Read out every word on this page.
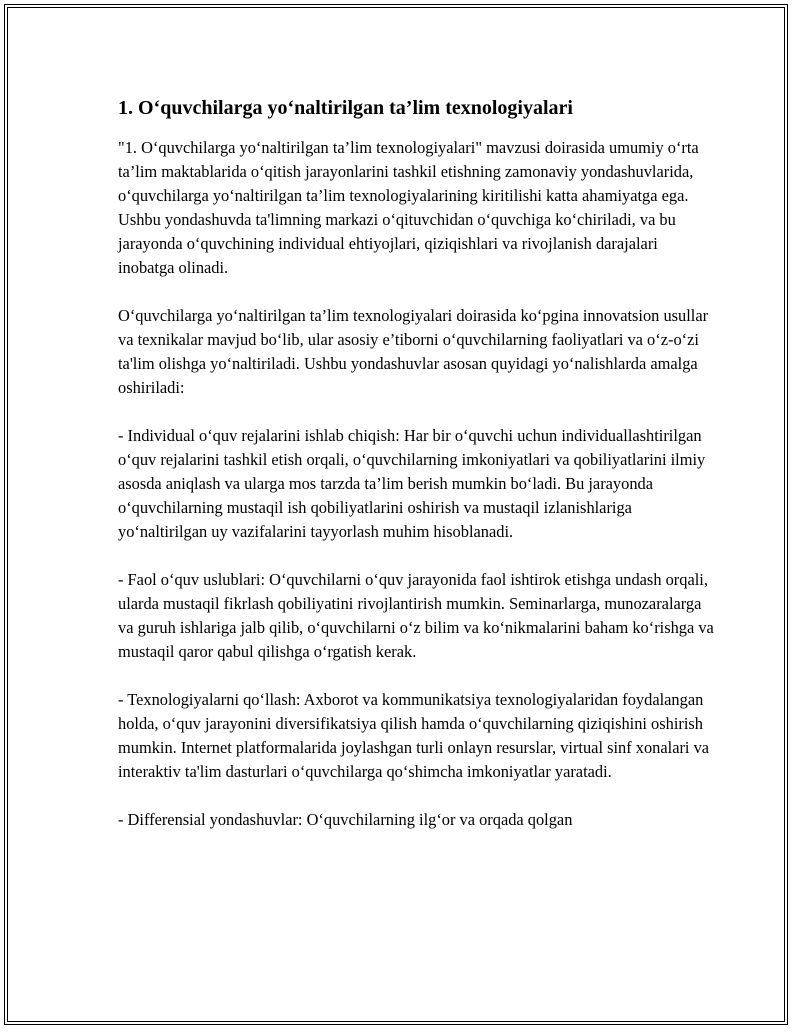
1. O‘quvchilarga yo‘naltirilgan ta’lim texnologiyalari

"1. O‘quvchilarga yo‘naltirilgan ta’lim texnologiyalari" mavzusi doirasida umumiy o‘rta ta’lim maktablarida o‘qitish jarayonlarini tashkil etishning zamonaviy yondashuvlarida, o‘quvchilarga yo‘naltirilgan ta’lim texnologiyalarining kiritilishi katta ahamiyatga ega. Ushbu yondashuvda ta'limning markazi o‘qituvchidan o‘quvchiga ko‘chiriladi, va bu jarayonda o‘quvchining individual ehtiyojlari, qiziqishlari va rivojlanish darajalari inobatga olinadi.

O‘quvchilarga yo‘naltirilgan ta’lim texnologiyalari doirasida ko‘pgina innovatsion usullar va texnikalar mavjud bo‘lib, ular asosiy e’tiborni o‘quvchilarning faoliyatlari va o‘z-o‘zi ta'lim olishga yo‘naltiriladi. Ushbu yondashuvlar asosan quyidagi yo‘nalishlarda amalga oshiriladi:

- Individual o‘quv rejalarini ishlab chiqish: Har bir o‘quvchi uchun individuallashtirilgan o‘quv rejalarini tashkil etish orqali, o‘quvchilarning imkoniyatlari va qobiliyatlarini ilmiy asosda aniqlash va ularga mos tarzda ta’lim berish mumkin bo‘ladi. Bu jarayonda o‘quvchilarning mustaqil ish qobiliyatlarini oshirish va mustaqil izlanishlariga yo‘naltirilgan uy vazifalarini tayyorlash muhim hisoblanadi.

- Faol o‘quv uslublari: O‘quvchilarni o‘quv jarayonida faol ishtirok etishga undash orqali, ularda mustaqil fikrlash qobiliyatini rivojlantirish mumkin. Seminarlarga, munozaralarga va guruh ishlariga jalb qilib, o‘quvchilarni o‘z bilim va ko‘nikmalarini baham ko‘rishga va mustaqil qaror qabul qilishga o‘rgatish kerak.

- Texnologiyalarni qo‘llash: Axborot va kommunikatsiya texnologiyalaridan foydalangan holda, o‘quv jarayonini diversifikatsiya qilish hamda o‘quvchilarning qiziqishini oshirish mumkin. Internet platformalarida joylashgan turli onlayn resurslar, virtual sinf xonalari va interaktiv ta'lim dasturlari o‘quvchilarga qo‘shimcha imkoniyatlar yaratadi.

- Differensial yondashuvlar: O‘quvchilarning ilg‘or va orqada qolgan
